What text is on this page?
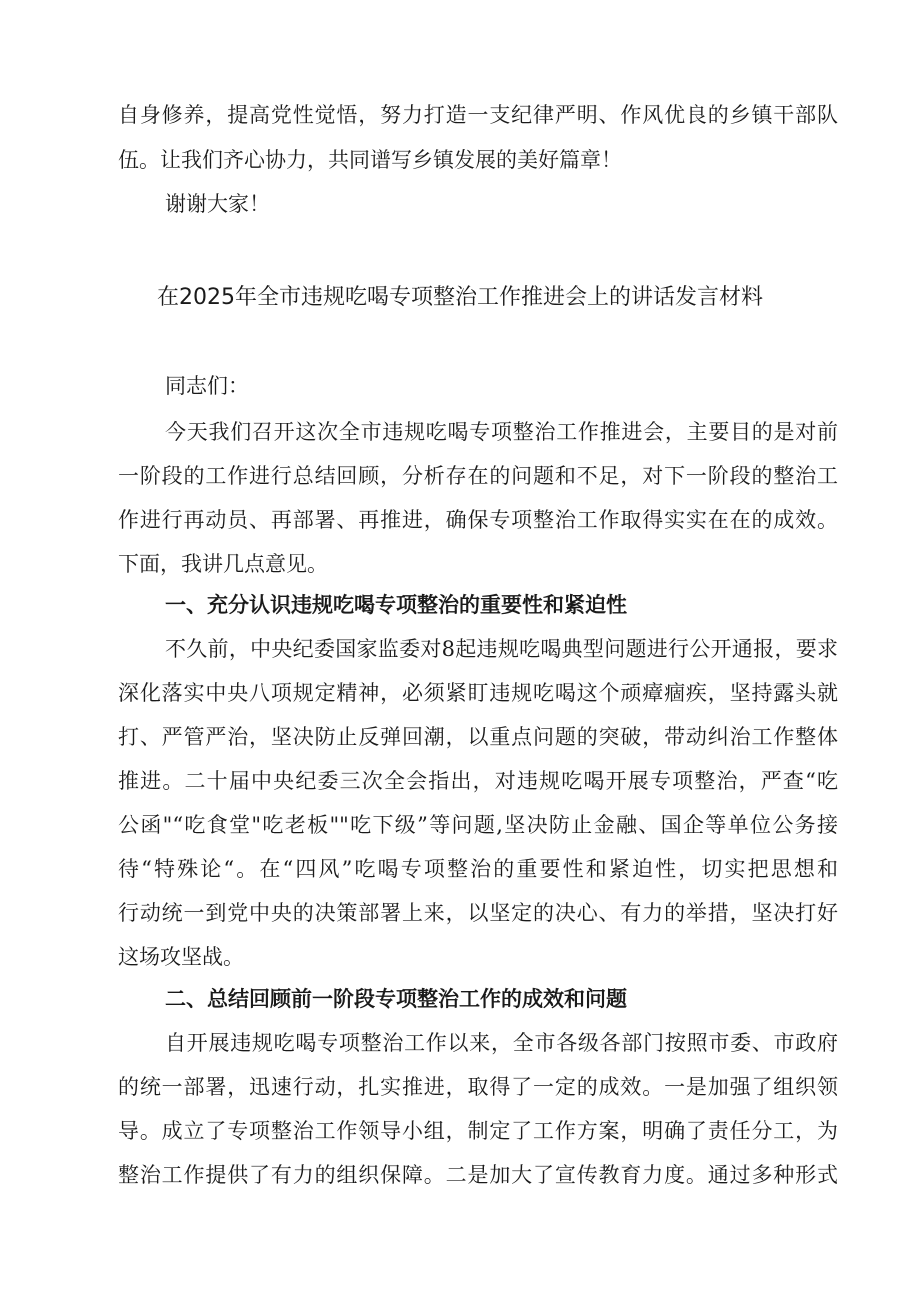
自身修养，提高党性觉悟，努力打造一支纪律严明、作风优良的乡镇干部队
伍。让我们齐心协力，共同谱写乡镇发展的美好篇章！
谢谢大家！
在2025年全市违规吃喝专项整治工作推进会上的讲话发言材料
同志们：
今天我们召开这次全市违规吃喝专项整治工作推进会，主要目的是对前
一阶段的工作进行总结回顾，分析存在的问题和不足，对下一阶段的整治工
作进行再动员、再部署、再推进，确保专项整治工作取得实实在在的成效。
下面，我讲几点意见。
一、充分认识违规吃喝专项整治的重要性和紧迫性
不久前，中央纪委国家监委对8起违规吃喝典型问题进行公开通报，要求
深化落实中央八项规定精神，必须紧盯违规吃喝这个顽瘴痼疾，坚持露头就
打、严管严治，坚决防止反弹回潮，以重点问题的突破，带动纠治工作整体
推进。二十届中央纪委三次全会指出，对违规吃喝开展专项整治，严查“吃
公函"“吃食堂"吃老板""吃下级”等问题,坚决防止金融、国企等单位公务接
待“特殊论“。在“四风”吃喝专项整治的重要性和紧迫性，切实把思想和
行动统一到党中央的决策部署上来，以坚定的决心、有力的举措，坚决打好
这场攻坚战。
二、总结回顾前一阶段专项整治工作的成效和问题
自开展违规吃喝专项整治工作以来，全市各级各部门按照市委、市政府
的统一部署，迅速行动，扎实推进，取得了一定的成效。一是加强了组织领
导。成立了专项整治工作领导小组，制定了工作方案，明确了责任分工，为
整治工作提供了有力的组织保障。二是加大了宣传教育力度。通过多种形式
